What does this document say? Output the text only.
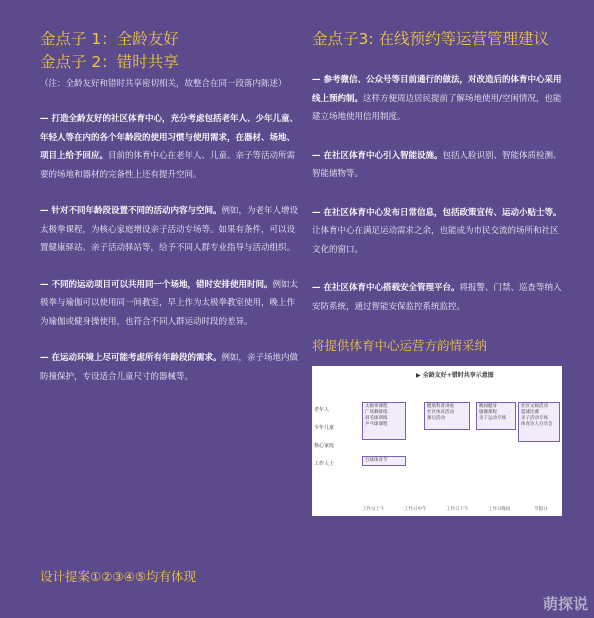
金点子 1：全龄友好
金点子 2：错时共享
（注：全龄友好和错时共享密切相关，故整合在同一段落内陈述）
— 打造全龄友好的社区体育中心，充分考虑包括老年人、少年儿童、年轻人等在内的各个年龄段的使用习惯与使用需求，在器材、场地、项目上给予回应。目前的体育中心在老年人、儿童、亲子等活动所需要的场地和器材的完备性上还有提升空间。
— 针对不同年龄段设置不同的活动内容与空间。例如，为老年人增设太极拳课程，为核心家庭增设亲子活动专场等。如果有条件，可以设置健康驿站、亲子活动驿站等，给予不同人群专业指导与活动组织。
— 不同的运动项目可以共用同一个场地，错时安排使用时间。例如太极拳与瑜伽可以使用同一间教室，早上作为太极拳教室使用，晚上作为瑜伽或健身操使用，也符合不同人群运动时段的差异。
— 在运动环境上尽可能考虑所有年龄段的需求。例如，亲子场地内做防撞保护，专设适合儿童尺寸的器械等。
设计提案①②③④⑤均有体现
金点子3: 在线预约等运营管理建议
— 参考微信、公众号等目前通行的做法，对改造后的体育中心采用线上预约制。这样方便周边居民提前了解场地使用/空闲情况，也能建立场地使用信用制度。
— 在社区体育中心引入智能设施。包括人脸识别、智能体质检测、智能储物等。
— 在社区体育中心发布日常信息，包括政策宣传、运动小贴士等。让体育中心在满足运动需求之余，也能成为市民交流的场所和社区文化的窗口。
— 在社区体育中心搭载安全管理平台。将报警、门禁、巡查等纳入安防系统，通过智能安保监控系统监控。
将提供体育中心运营方韵情采纳
▶ 全龄友好+错时共享示意图
老年人
少年儿童
核心家庭
工作人士
太极拳课程
广场舞排练
羽毛球训练
乒乓球课程
台球体育节
健康科普讲座
社区体育活动
课后活动
晚间健身
瑜伽课程
亲子运动专场
社区文娱活动
篮球比赛
亲子活动专场
体育达人分享会
工作日上午	工作日中午	工作日下午	工作日晚间	节假日
萌探说
